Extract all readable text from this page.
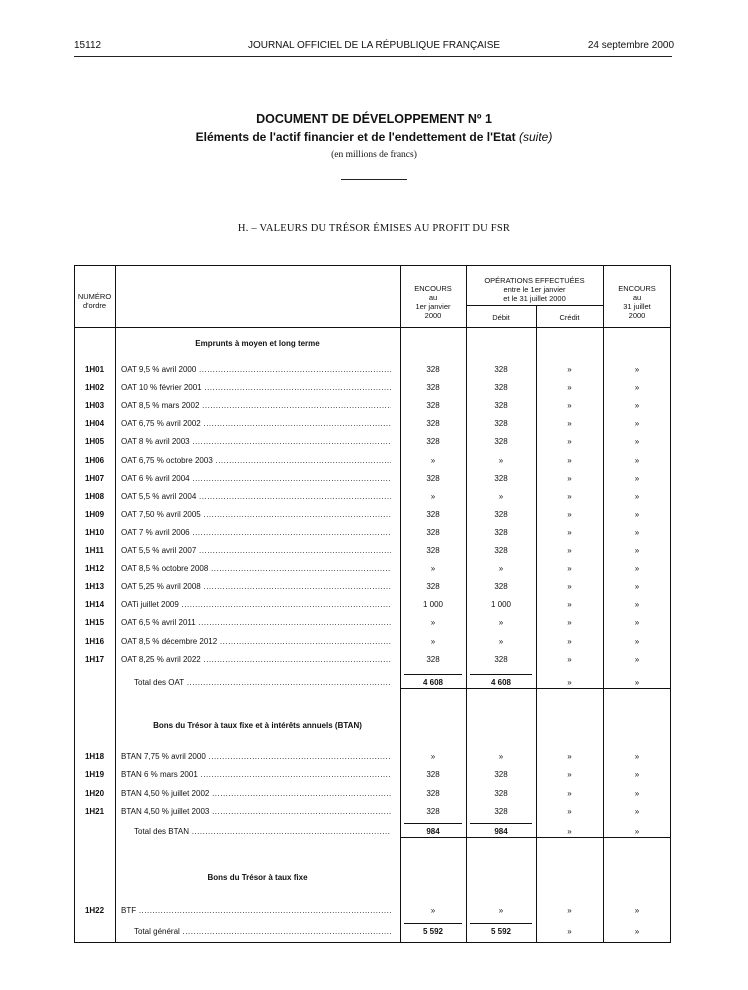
15112	JOURNAL OFFICIEL DE LA RÉPUBLIQUE FRANÇAISE	24 septembre 2000
DOCUMENT DE DÉVELOPPEMENT Nº 1
Eléments de l'actif financier et de l'endettement de l'Etat (suite)
(en millions de francs)
H. – VALEURS DU TRÉSOR ÉMISES AU PROFIT DU FSR
NUMÉRO
d'ordre
ENCOURS
au
1er janvier
2000
OPÉRATIONS EFFECTUÉES
entre le 1er janvier
et le 31 juillet 2000
Débit	Crédit
ENCOURS
au
31 juillet
2000
Emprunts à moyen et long terme
Bons du Trésor à taux fixe et à intérêts annuels (BTAN)
Bons du Trésor à taux fixe
1H01	OAT 9,5 % avril 2000 .....	328	328	»	»
1H02	OAT 10 % février 2001 .....	328	328	»	»
1H03	OAT 8,5 % mars 2002 .....	328	328	»	»
1H04	OAT 6,75 % avril 2002 .....	328	328	»	»
1H05	OAT 8 % avril 2003 .....	328	328	»	»
1H06	OAT 6,75 % octobre 2003 .....	»	»	»	»
1H07	OAT 6 % avril 2004 .....	328	328	»	»
1H08	OAT 5,5 % avril 2004 .....	»	»	»	»
1H09	OAT 7,50 % avril 2005 .....	328	328	»	»
1H10	OAT 7 % avril 2006 .....	328	328	»	»
1H11	OAT 5,5 % avril 2007 .....	328	328	»	»
1H12	OAT 8,5 % octobre 2008 .....	»	»	»	»
1H13	OAT 5,25 % avril 2008 .....	328	328	»	»
1H14	OATi juillet 2009 .....	1 000	1 000	»	»
1H15	OAT 6,5 % avril 2011 .....	»	»	»	»
1H16	OAT 8,5 % décembre 2012 .....	»	»	»	»
1H17	OAT 8,25 % avril 2022 .....	328	328	»	»
Total des OAT .....	4 608	4 608	»	»
1H18	BTAN 7,75 % avril 2000 .....	»	»	»	»
1H19	BTAN 6 % mars 2001 .....	328	328	»	»
1H20	BTAN 4,50 % juillet 2002 .....	328	328	»	»
1H21	BTAN 4,50 % juillet 2003 .....	328	328	»	»
Total des BTAN .....	984	984	»	»
1H22	BTF .....	»	»	»	»
Total général .....	5 592	5 592	»	»
